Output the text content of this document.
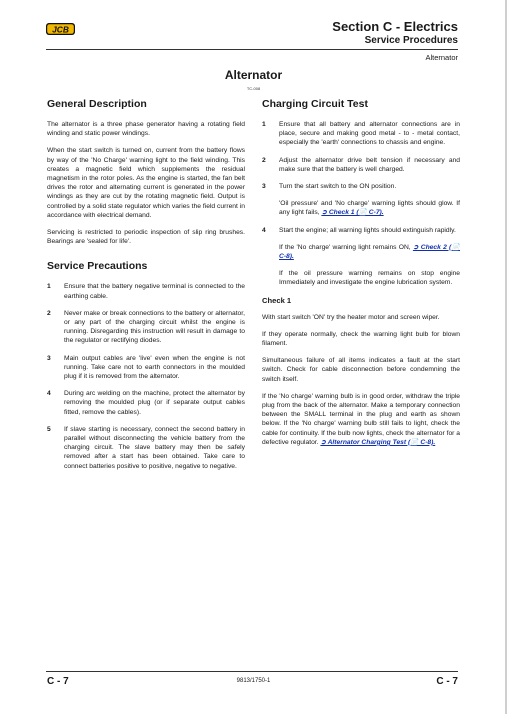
JCB	Section C - Electrics
Service Procedures
Alternator
Alternator
TC-008
General Description

The alternator is a three phase generator having a rotating field winding and static power windings.

When the start switch is turned on, current from the battery flows by way of the 'No Charge' warning light to the field winding. This creates a magnetic field which supplements the residual magnetism in the rotor poles. As the engine is started, the fan belt drives the rotor and alternating current is generated in the power windings as they are cut by the rotating magnetic field. Output is controlled by a solid state regulator which varies the field current in accordance with electrical demand.

Servicing is restricted to periodic inspection of slip ring brushes. Bearings are 'sealed for life'.

Service Precautions
1	Ensure that the battery negative terminal is connected to the earthing cable.

2	Never make or break connections to the battery or alternator, or any part of the charging circuit whilst the engine is running. Disregarding this instruction will result in damage to the regulator or rectifying diodes.

3	Main output cables are 'live' even when the engine is not running. Take care not to earth connectors in the moulded plug if it is removed from the alternator.

4	During arc welding on the machine, protect the alternator by removing the moulded plug (or if separate output cables fitted, remove the cables).

5	If slave starting is necessary, connect the second battery in parallel without disconnecting the vehicle battery from the charging circuit. The slave battery may then be safely removed after a start has been obtained. Take care to connect batteries positive to positive, negative to negative.

Charging Circuit Test
1	Ensure that all battery and alternator connections are in place, secure and making good metal - to - metal contact, especially the 'earth' connections to chassis and engine.

2	Adjust the alternator drive belt tension if necessary and make sure that the battery is well charged.

3	Turn the start switch to the ON position.

'Oil pressure' and 'No charge' warning lights should glow. If any light fails, ➲ Check 1 (📄 C-7).

4	Start the engine; all warning lights should extinguish rapidly.

If the 'No charge' warning light remains ON, ➲ Check 2 (📄 C-8).

If the oil pressure warning remains on stop engine Immediately and investigate the engine lubrication system.

Check 1

With start switch 'ON' try the heater motor and screen wiper.

If they operate normally, check the warning light bulb for blown filament.

Simultaneous failure of all items indicates a fault at the start switch. Check for cable disconnection before condemning the switch itself.

If the 'No charge' warning bulb is in good order, withdraw the triple plug from the back of the alternator. Make a temporary connection between the SMALL terminal in the plug and earth as shown below. If the 'No charge' warning bulb still fails to light, check the cable for continuity. If the bulb now lights, check the alternator for a defective regulator. ➲ Alternator Charging Test (📄 C-8).

C - 7	9813/1750-1	C - 7
